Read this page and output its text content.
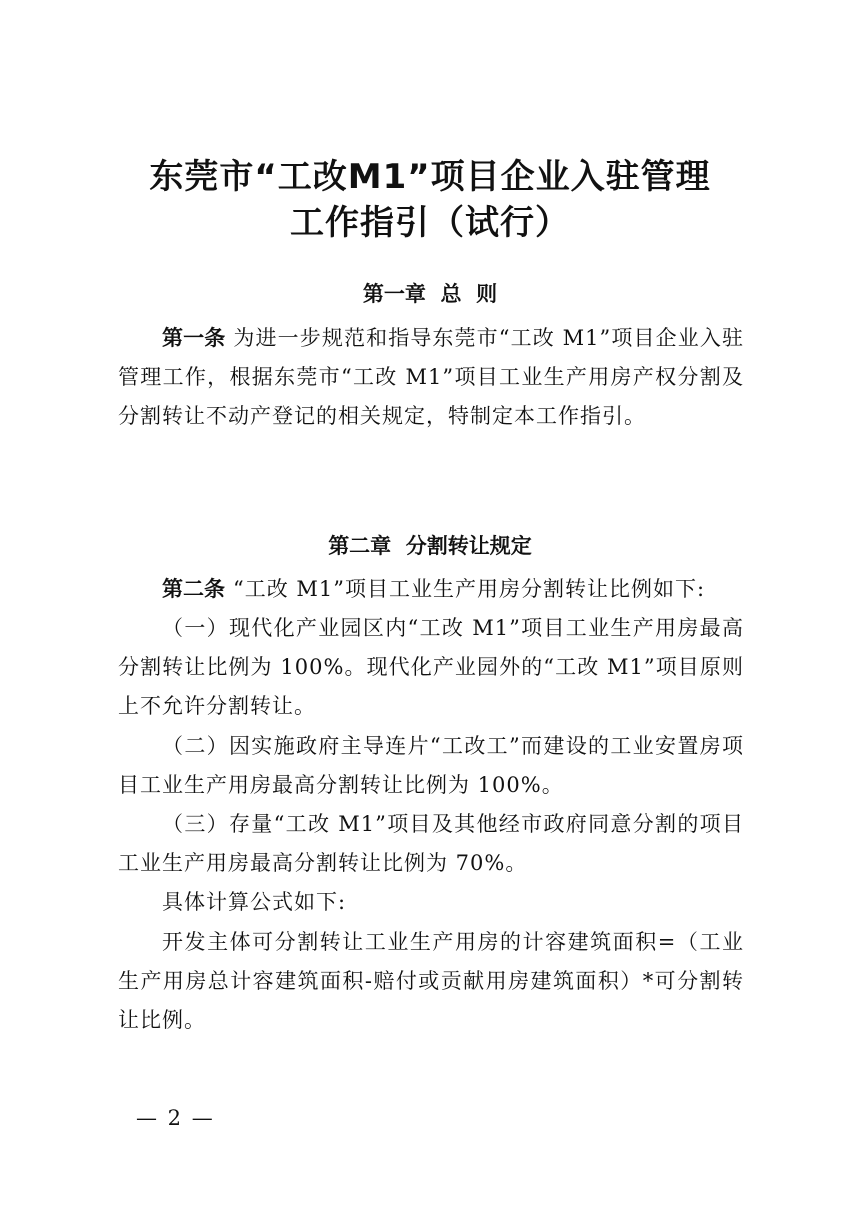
东莞市“工改M1”项目企业入驻管理
工作指引（试行）
第一章  总  则
第一条 为进一步规范和指导东莞市“工改 M1”项目企业入驻管理工作，根据东莞市“工改 M1”项目工业生产用房产权分割及分割转让不动产登记的相关规定，特制定本工作指引。
第二章  分割转让规定
第二条 “工改 M1”项目工业生产用房分割转让比例如下:
（一）现代化产业园区内“工改 M1”项目工业生产用房最高分割转让比例为 100%。现代化产业园外的“工改 M1”项目原则上不允许分割转让。
（二）因实施政府主导连片“工改工”而建设的工业安置房项目工业生产用房最高分割转让比例为 100%。
（三）存量“工改 M1”项目及其他经市政府同意分割的项目工业生产用房最高分割转让比例为 70%。
具体计算公式如下:
开发主体可分割转让工业生产用房的计容建筑面积=（工业生产用房总计容建筑面积-赔付或贡献用房建筑面积）*可分割转让比例。
— 2 —
